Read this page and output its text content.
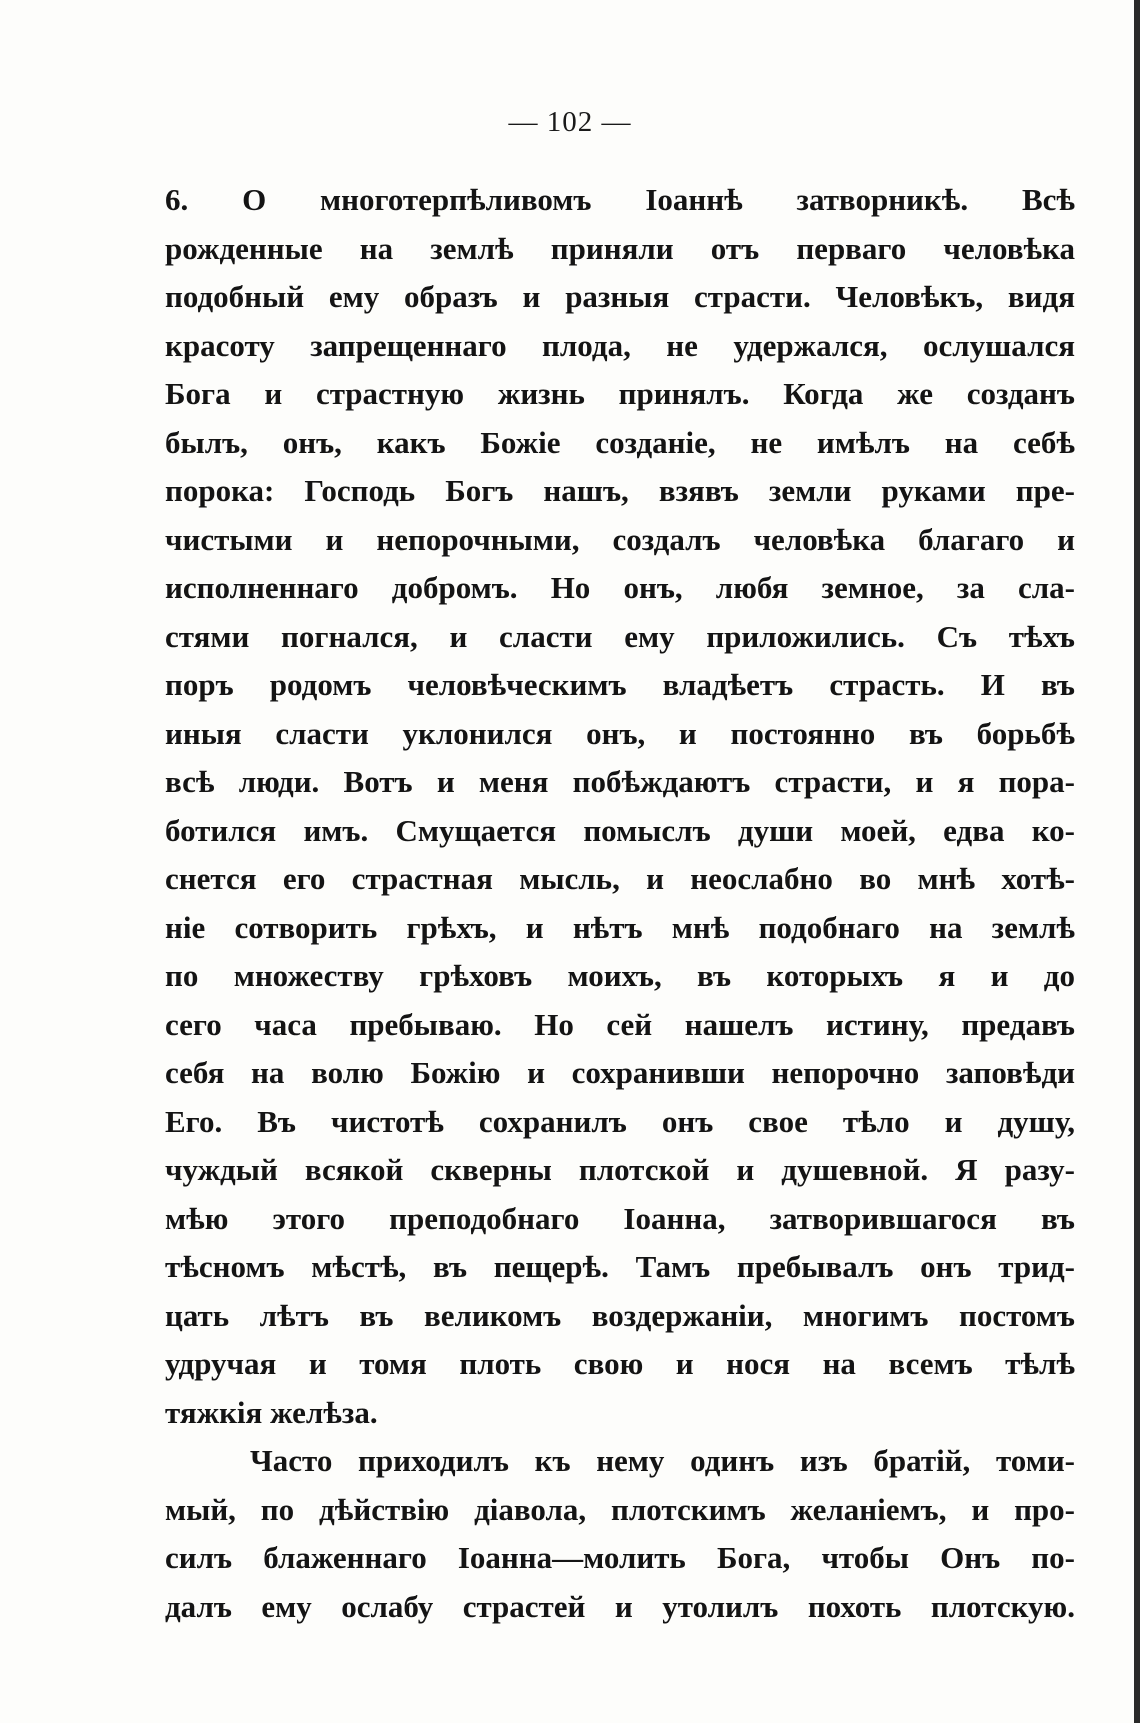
— 102 —
6. О многотерпѣливомъ Іоаннѣ затворникѣ. Всѣ
рожденные на землѣ приняли отъ перваго человѣка
подобный ему образъ и разныя страсти. Человѣкъ, видя
красоту запрещеннаго плода, не удержался, ослушался
Бога и страстную жизнь принялъ. Когда же созданъ
былъ, онъ, какъ Божіе созданіе, не имѣлъ на себѣ
порока: Господь Богъ нашъ, взявъ земли руками пре-
чистыми и непорочными, создалъ человѣка благаго и
исполненнаго добромъ. Но онъ, любя земное, за сла-
стями погнался, и сласти ему приложились. Съ тѣхъ
поръ родомъ человѣческимъ владѣетъ страсть. И въ
иныя сласти уклонился онъ, и постоянно въ борьбѣ
всѣ люди. Вотъ и меня побѣждаютъ страсти, и я пора-
ботился имъ. Смущается помыслъ души моей, едва ко-
снется его страстная мысль, и неослабно во мнѣ хотѣ-
ніе сотворить грѣхъ, и нѣтъ мнѣ подобнаго на землѣ
по множеству грѣховъ моихъ, въ которыхъ я и до
сего часа пребываю. Но сей нашелъ истину, предавъ
себя на волю Божію и сохранивши непорочно заповѣди
Его. Въ чистотѣ сохранилъ онъ свое тѣло и душу,
чуждый всякой скверны плотской и душевной. Я разу-
мѣю этого преподобнаго Іоанна, затворившагося въ
тѣсномъ мѣстѣ, въ пещерѣ. Тамъ пребывалъ онъ трид-
цать лѣтъ въ великомъ воздержаніи, многимъ постомъ
удручая и томя плоть свою и нося на всемъ тѣлѣ
тяжкія желѣза.
Часто приходилъ къ нему одинъ изъ братій, томи-
мый, по дѣйствію діавола, плотскимъ желаніемъ, и про-
силъ блаженнаго Іоанна—молить Бога, чтобы Онъ по-
далъ ему ослабу страстей и утолилъ похоть плотскую.
